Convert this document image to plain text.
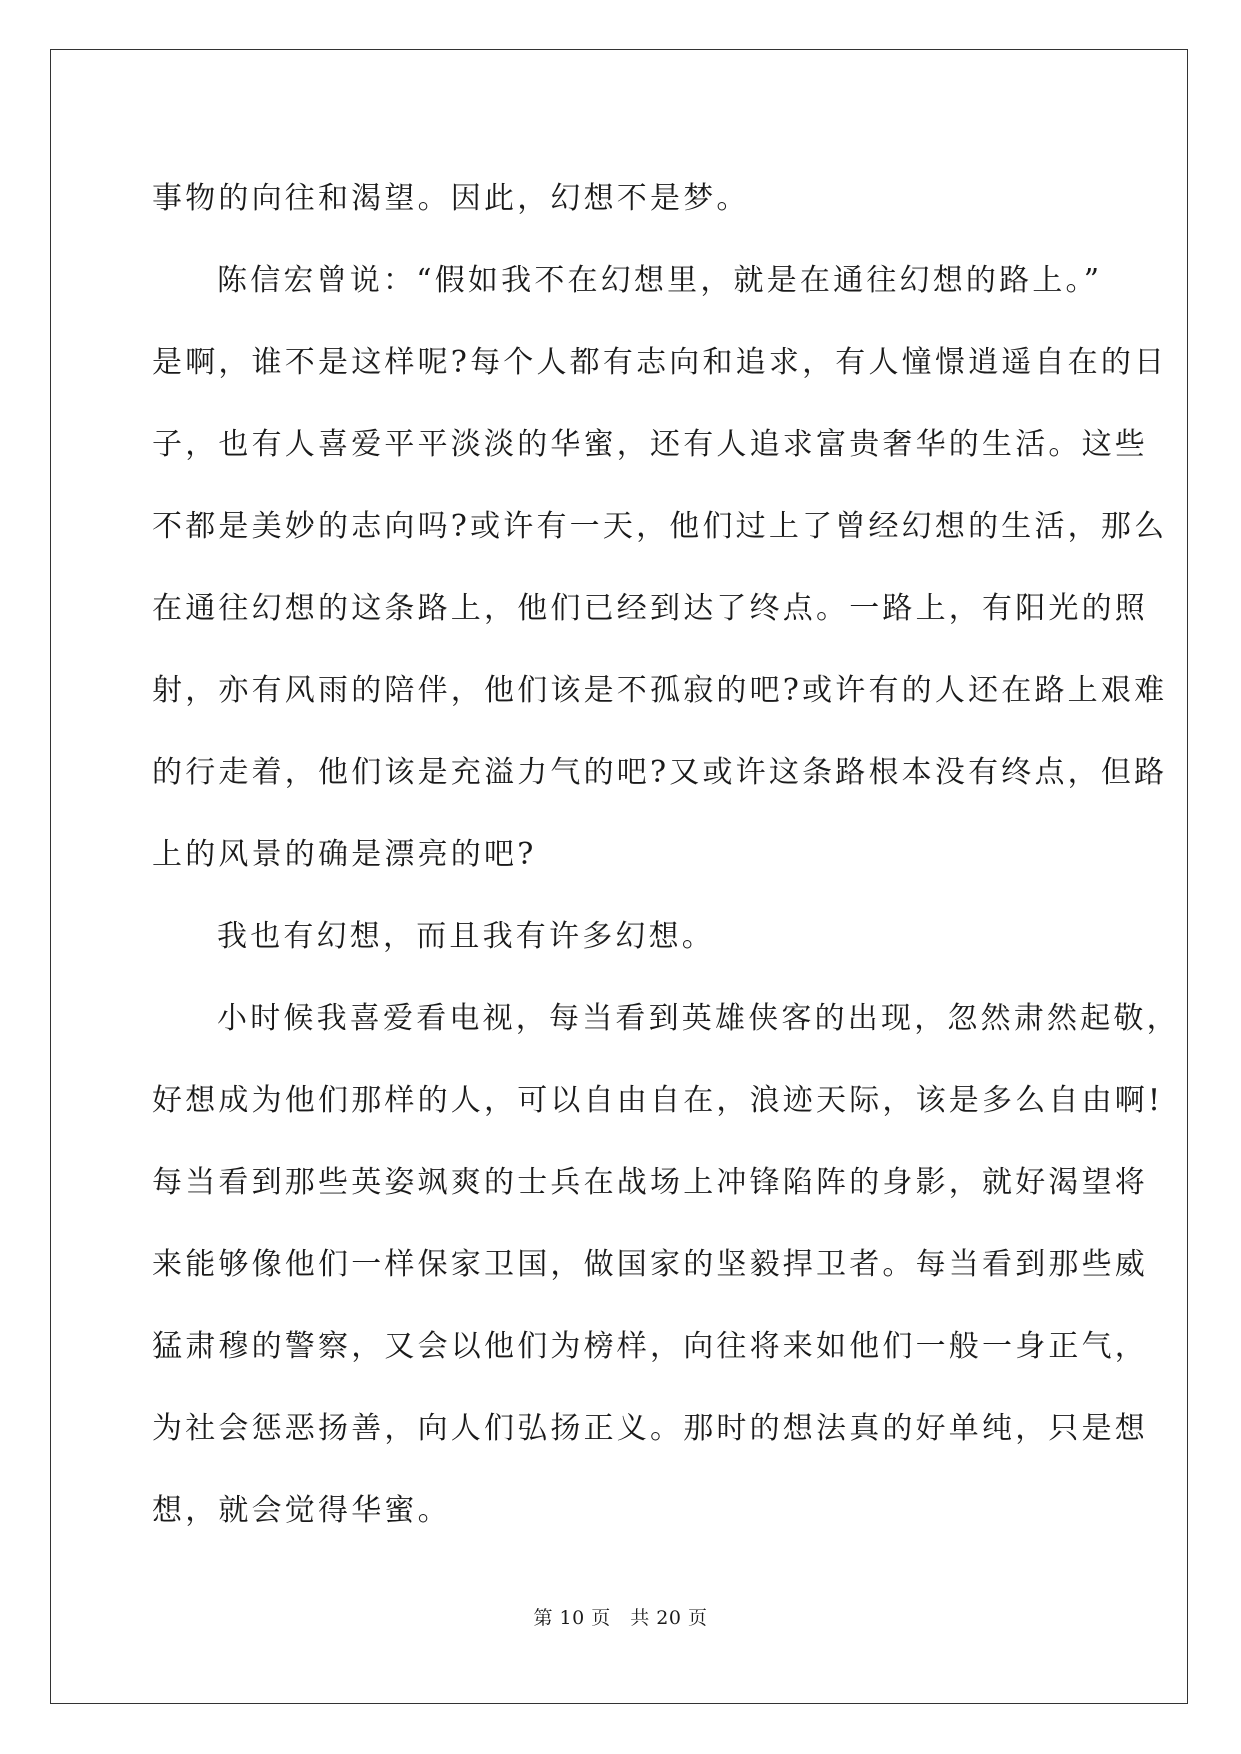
事物的向往和渴望。因此，幻想不是梦。

陈信宏曾说：“假如我不在幻想里，就是在通往幻想的路上。”

是啊，谁不是这样呢?每个人都有志向和追求，有人憧憬逍遥自在的日

子，也有人喜爱平平淡淡的华蜜，还有人追求富贵奢华的生活。这些

不都是美妙的志向吗?或许有一天，他们过上了曾经幻想的生活，那么

在通往幻想的这条路上，他们已经到达了终点。一路上，有阳光的照

射，亦有风雨的陪伴，他们该是不孤寂的吧?或许有的人还在路上艰难

的行走着，他们该是充溢力气的吧?又或许这条路根本没有终点，但路

上的风景的确是漂亮的吧?

我也有幻想，而且我有许多幻想。

小时候我喜爱看电视，每当看到英雄侠客的出现，忽然肃然起敬，

好想成为他们那样的人，可以自由自在，浪迹天际，该是多么自由啊!

每当看到那些英姿飒爽的士兵在战场上冲锋陷阵的身影，就好渴望将

来能够像他们一样保家卫国，做国家的坚毅捍卫者。每当看到那些威

猛肃穆的警察，又会以他们为榜样，向往将来如他们一般一身正气，

为社会惩恶扬善，向人们弘扬正义。那时的想法真的好单纯，只是想

想，就会觉得华蜜。

第 10 页　共 20 页
